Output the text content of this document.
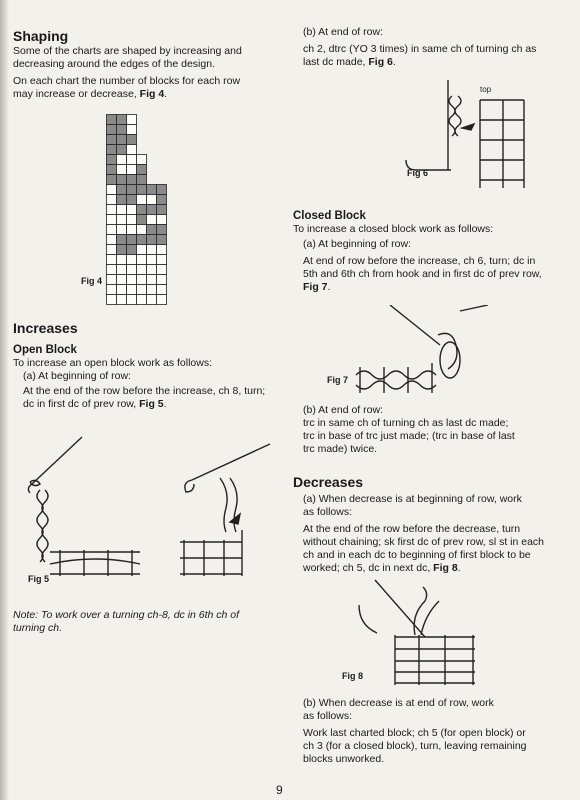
Shaping

Some of the charts are shaped by increasing and
decreasing around the edges of the design.

On each chart the number of blocks for each row
may increase or decrease, Fig 4.

Fig 4
Increases
Open Block

To increase an open block work as follows:

(a) At beginning of row:

At the end of the row before the increase, ch 8, turn;
dc in first dc of prev row, Fig 5.

Fig 5
Note: To work over a turning ch-8, dc in 6th ch of
turning ch.

(b) At end of row:

ch 2, dtrc (YO 3 times) in same ch of turning ch as
last dc made, Fig 6.

top
Fig 6
Closed Block

To increase a closed block work as follows:

(a) At beginning of row:

At end of row before the increase, ch 6, turn; dc in
5th and 6th ch from hook and in first dc of prev row,
Fig 7.

Fig 7

(b) At end of row:

trc in same ch of turning ch as last dc made;
trc in base of trc just made; (trc in base of last
trc made) twice.

Decreases

(a) When decrease is at beginning of row, work
as follows:

At the end of the row before the decrease, turn
without chaining; sk first dc of prev row, sl st in each
ch and in each dc to beginning of first block to be
worked; ch 5, dc in next dc, Fig 8.

Fig 8

(b) When decrease is at end of row, work
as follows:

Work last charted block; ch 5 (for open block) or
ch 3 (for a closed block), turn, leaving remaining
blocks unworked.

9
